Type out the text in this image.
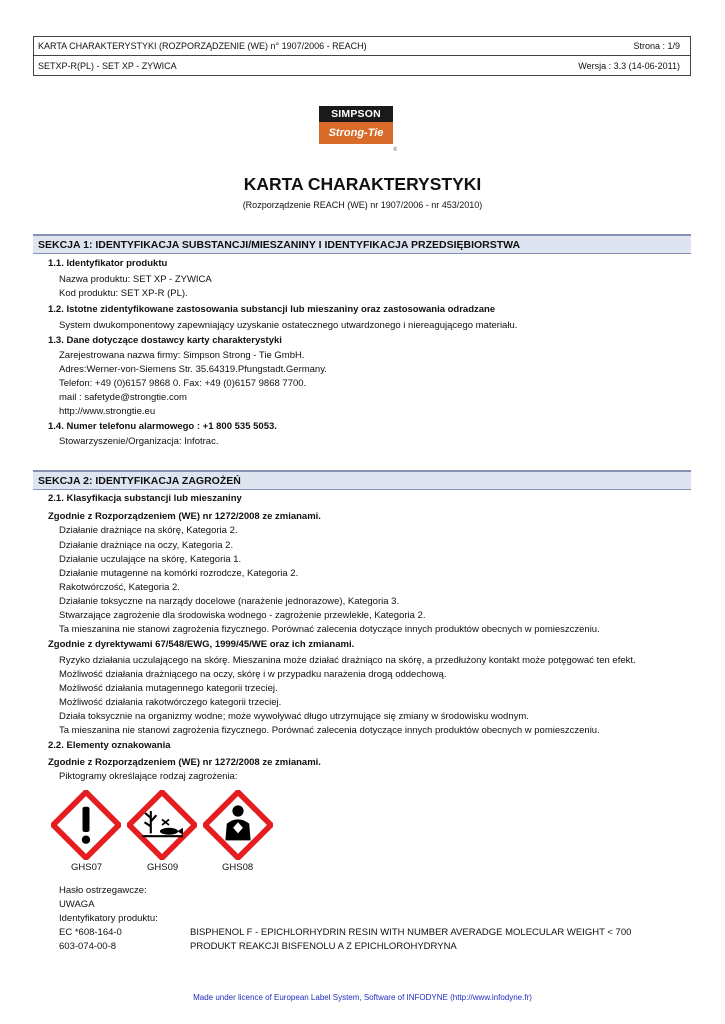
KARTA CHARAKTERYSTYKI (ROZPORZĄDZENIE (WE) n° 1907/2006 - REACH)	Strona : 1/9
SETXP-R(PL) - SET XP - ZYWICA	Wersja : 3.3 (14-06-2011)
SIMPSON
Strong-Tie
®
KARTA CHARAKTERYSTYKI
(Rozporządzenie REACH (WE) nr 1907/2006 - nr 453/2010)
SEKCJA 1: IDENTYFIKACJA SUBSTANCJI/MIESZANINY I IDENTYFIKACJA PRZEDSIĘBIORSTWA
1.1. Identyfikator produktu
Nazwa produktu: SET XP - ZYWICA
Kod produktu: SET XP-R (PL).
1.2. Istotne zidentyfikowane zastosowania substancji lub mieszaniny oraz zastosowania odradzane
System dwukomponentowy zapewniający uzyskanie ostatecznego utwardzonego i niereagującego materiału.
1.3. Dane dotyczące dostawcy karty charakterystyki
Zarejestrowana nazwa firmy: Simpson Strong - Tie GmbH.
Adres:Werner-von-Siemens Str. 35.64319.Pfungstadt.Germany.
Telefon: +49 (0)6157 9868 0. Fax: +49 (0)6157 9868 7700.
mail : safetyde@strongtie.com
http://www.strongtie.eu
1.4. Numer telefonu alarmowego : +1 800 535 5053.
Stowarzyszenie/Organizacja: Infotrac.
SEKCJA 2: IDENTYFIKACJA ZAGROŻEŃ
2.1. Klasyfikacja substancji lub mieszaniny
Zgodnie z Rozporządzeniem (WE) nr 1272/2008 ze zmianami.
Działanie drażniące na skórę, Kategoria 2.
Działanie drażniące na oczy, Kategoria 2.
Działanie uczulające na skórę, Kategoria 1.
Działanie mutagenne na komórki rozrodcze, Kategoria 2.
Rakotwórczość, Kategoria 2.
Działanie toksyczne na narządy docelowe (narażenie jednorazowe), Kategoria 3.
Stwarzające zagrożenie dla środowiska wodnego - zagrożenie przewlekłe, Kategoria 2.
Ta mieszanina nie stanowi zagrożenia fizycznego. Porównać zalecenia dotyczące innych produktów obecnych w pomieszczeniu.
Zgodnie z dyrektywami 67/548/EWG, 1999/45/WE oraz ich zmianami.
Ryzyko działania uczulającego na skórę. Mieszanina może działać drażniąco na skórę, a przedłużony kontakt może potęgować ten efekt.
Możliwość działania drażniącego na oczy, skórę i w przypadku narażenia drogą oddechową.
Możliwość działania mutagennego kategorii trzeciej.
Możliwość działania rakotwórczego kategorii trzeciej.
Działa toksycznie na organizmy wodne; może wywoływać długo utrzymujące się zmiany w środowisku wodnym.
Ta mieszanina nie stanowi zagrożenia fizycznego. Porównać zalecenia dotyczące innych produktów obecnych w pomieszczeniu.
2.2. Elementy oznakowania
Zgodnie z Rozporządzeniem (WE) nr 1272/2008 ze zmianami.
Piktogramy określające rodzaj zagrożenia:
GHS07	GHS09	GHS08
Hasło ostrzegawcze:
UWAGA
Identyfikatory produktu:
EC *608-164-0	BISPHENOL F - EPICHLORHYDRIN RESIN WITH NUMBER AVERADGE MOLECULAR WEIGHT < 700
603-074-00-8	PRODUKT REAKCJI BISFENOLU A Z EPICHLOROHYDRYNA
Made under licence of European Label System, Software of INFODYNE (http://www.infodyne.fr)
